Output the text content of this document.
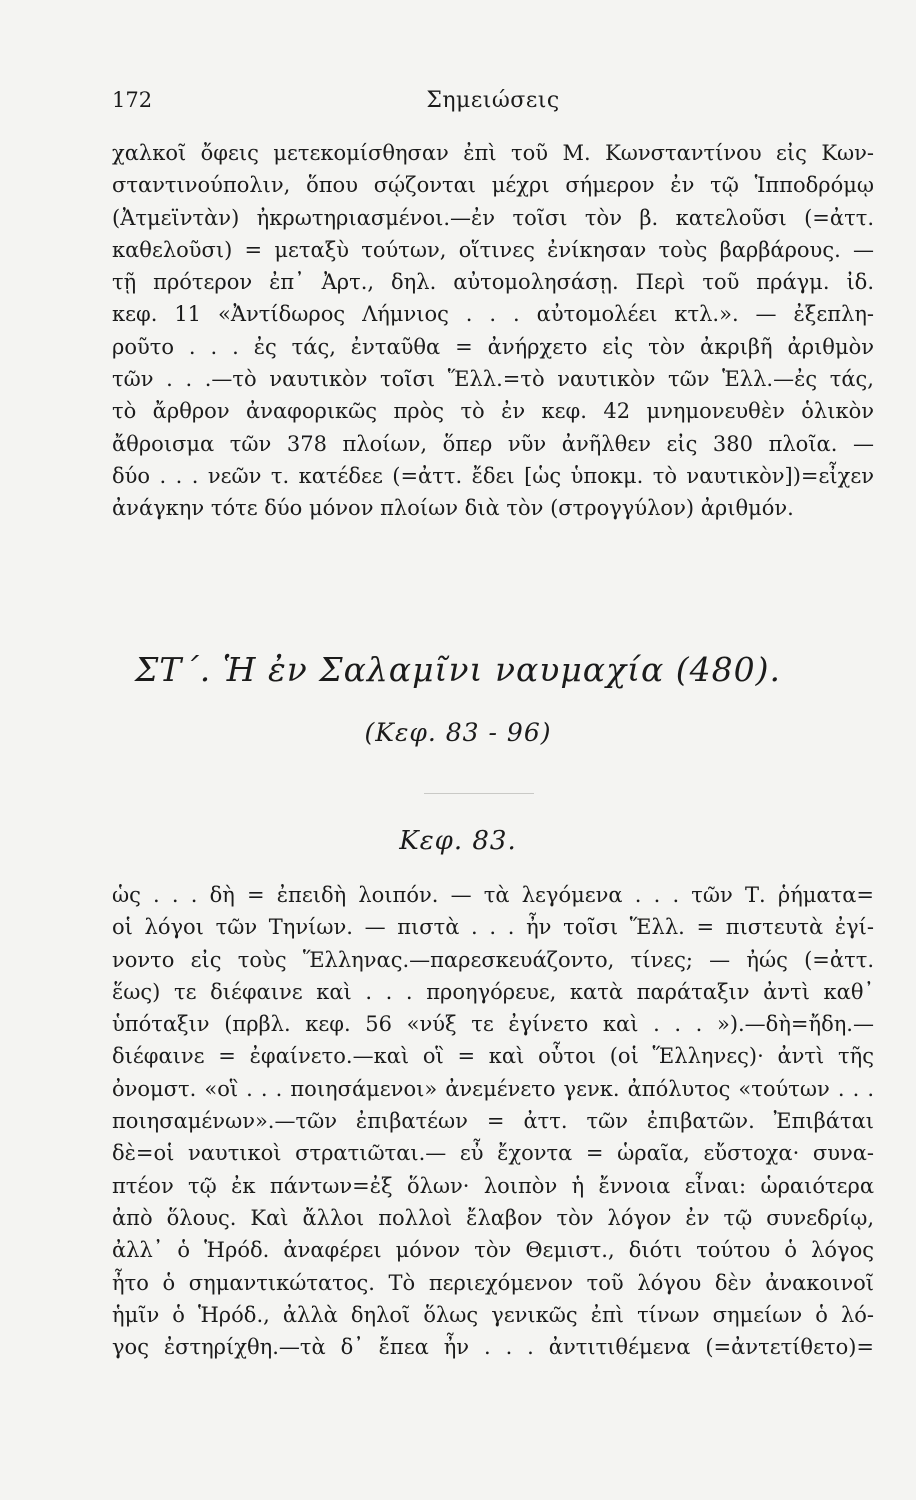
172	Σημειώσεις
χαλκοῖ ὄφεις μετεκομίσθησαν ἐπὶ τοῦ Μ. Κωνσταντίνου εἰς Κων-
σταντινούπολιν, ὅπου σῴζονται μέχρι σήμερον ἐν τῷ Ἱπποδρόμῳ
(Ἀτμεϊντὰν) ἠκρωτηριασμένοι.—ἐν τοῖσι τὸν β. κατελοῦσι (=ἀττ.
καθελοῦσι) = μεταξὺ τούτων, οἵτινες ἐνίκησαν τοὺς βαρβάρους. —
τῇ πρότερον ἐπ᾽ Ἀρτ., δηλ. αὐτομολησάσῃ. Περὶ τοῦ πράγμ. ἰδ.
κεφ. 11 «Ἀντίδωρος Λήμνιος . . . αὐτομολέει κτλ.». — ἐξεπλη-
ροῦτο . . . ἐς τάς, ἐνταῦθα = ἀνήρχετο εἰς τὸν ἀκριβῆ ἀριθμὸν
τῶν . . .—τὸ ναυτικὸν τοῖσι Ἕλλ.=τὸ ναυτικὸν τῶν Ἑλλ.—ἐς τάς,
τὸ ἄρθρον ἀναφορικῶς πρὸς τὸ ἐν κεφ. 42 μνημονευθὲν ὁλικὸν
ἄθροισμα τῶν 378 πλοίων, ὅπερ νῦν ἀνῆλθεν εἰς 380 πλοῖα. —
δύο . . . νεῶν τ. κατέδεε (=ἀττ. ἔδει [ὡς ὑποκμ. τὸ ναυτικὸν])=εἶχεν
ἀνάγκην τότε δύο μόνον πλοίων διὰ τὸν (στρογγύλον) ἀριθμόν.
ΣΤ΄. Ἡ ἐν Σαλαμῖνι ναυμαχία (480).
(Κεφ. 83 - 96)
Κεφ. 83.
ὡς . . . δὴ = ἐπειδὴ λοιπόν. — τὰ λεγόμενα . . . τῶν Τ. ῥήματα=
οἱ λόγοι τῶν Τηνίων. — πιστὰ . . . ἦν τοῖσι Ἕλλ. = πιστευτὰ ἐγί-
νοντο εἰς τοὺς Ἕλληνας.—παρεσκευάζοντο, τίνες; — ἠώς (=ἀττ.
ἕως) τε διέφαινε καὶ . . . προηγόρευε, κατὰ παράταξιν ἀντὶ καθ᾽
ὑπόταξιν (πρβλ. κεφ. 56 «νύξ τε ἐγίνετο καὶ . . . »).—δὴ=ἤδη.—
διέφαινε = ἐφαίνετο.—καὶ οἳ = καὶ οὗτοι (οἱ Ἕλληνες)· ἀντὶ τῆς
ὀνομστ. «οἳ . . . ποιησάμενοι» ἀνεμένετο γενκ. ἀπόλυτος «τούτων . . .
ποιησαμένων».—τῶν ἐπιβατέων = ἀττ. τῶν ἐπιβατῶν. Ἐπιβάται
δὲ=οἱ ναυτικοὶ στρατιῶται.— εὖ ἔχοντα = ὡραῖα, εὔστοχα· συνα-
πτέον τῷ ἐκ πάντων=ἐξ ὅλων· λοιπὸν ἡ ἔννοια εἶναι: ὡραιότερα
ἀπὸ ὅλους. Καὶ ἄλλοι πολλοὶ ἔλαβον τὸν λόγον ἐν τῷ συνεδρίῳ,
ἀλλ᾽ ὁ Ἡρόδ. ἀναφέρει μόνον τὸν Θεμιστ., διότι τούτου ὁ λόγος
ἦτο ὁ σημαντικώτατος. Τὸ περιεχόμενον τοῦ λόγου δὲν ἀνακοινοῖ
ἡμῖν ὁ Ἡρόδ., ἀλλὰ δηλοῖ ὅλως γενικῶς ἐπὶ τίνων σημείων ὁ λό-
γος ἐστηρίχθη.—τὰ δ᾽ ἔπεα ἦν . . . ἀντιτιθέμενα (=ἀντετίθετο)=
